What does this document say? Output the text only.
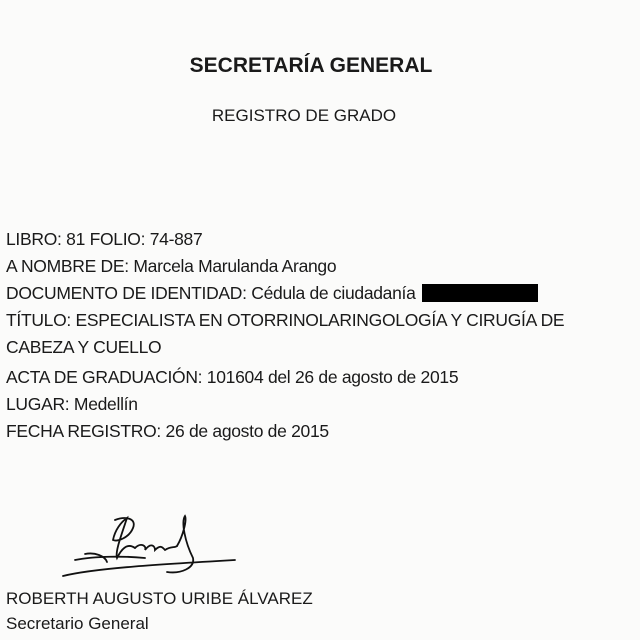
SECRETARÍA GENERAL
REGISTRO DE GRADO
LIBRO: 81 FOLIO: 74-887
A NOMBRE DE: Marcela Marulanda Arango
DOCUMENTO DE IDENTIDAD: Cédula de ciudadanía
TÍTULO: ESPECIALISTA EN OTORRINOLARINGOLOGÍA Y CIRUGÍA DE
CABEZA Y CUELLO
ACTA DE GRADUACIÓN: 101604 del 26 de agosto de 2015
LUGAR: Medellín
FECHA REGISTRO: 26 de agosto de 2015
ROBERTH AUGUSTO URIBE ÁLVAREZ
Secretario General
